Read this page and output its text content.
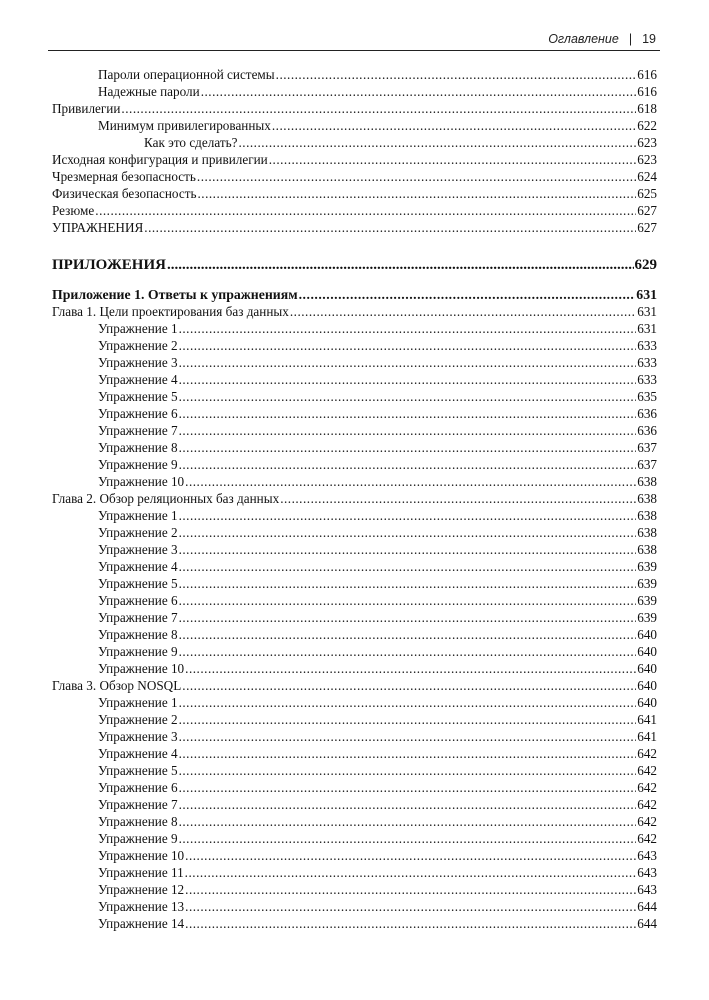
Оглавление | 19
Пароли операционной системы .....	616
Надежные пароли .....	616
Привилегии .....	618
Минимум привилегированных .....	622
Как это сделать? .....	623
Исходная конфигурация и привилегии .....	623
Чрезмерная безопасность .....	624
Физическая безопасность .....	625
Резюме .....	627
УПРАЖНЕНИЯ .....	627
ПРИЛОЖЕНИЯ .....	629
Приложение 1. Ответы к упражнениям .....	631
Глава 1. Цели проектирования баз данных .....	631
Упражнение 1 .....	631
Упражнение 2 .....	633
Упражнение 3 .....	633
Упражнение 4 .....	633
Упражнение 5 .....	635
Упражнение 6 .....	636
Упражнение 7 .....	636
Упражнение 8 .....	637
Упражнение 9 .....	637
Упражнение 10 .....	638
Глава 2. Обзор реляционных баз данных .....	638
Упражнение 1 .....	638
Упражнение 2 .....	638
Упражнение 3 .....	638
Упражнение 4 .....	639
Упражнение 5 .....	639
Упражнение 6 .....	639
Упражнение 7 .....	639
Упражнение 8 .....	640
Упражнение 9 .....	640
Упражнение 10 .....	640
Глава 3. Обзор NOSQL .....	640
Упражнение 1 .....	640
Упражнение 2 .....	641
Упражнение 3 .....	641
Упражнение 4 .....	642
Упражнение 5 .....	642
Упражнение 6 .....	642
Упражнение 7 .....	642
Упражнение 8 .....	642
Упражнение 9 .....	642
Упражнение 10 .....	643
Упражнение 11 .....	643
Упражнение 12 .....	643
Упражнение 13 .....	644
Упражнение 14 .....	644
